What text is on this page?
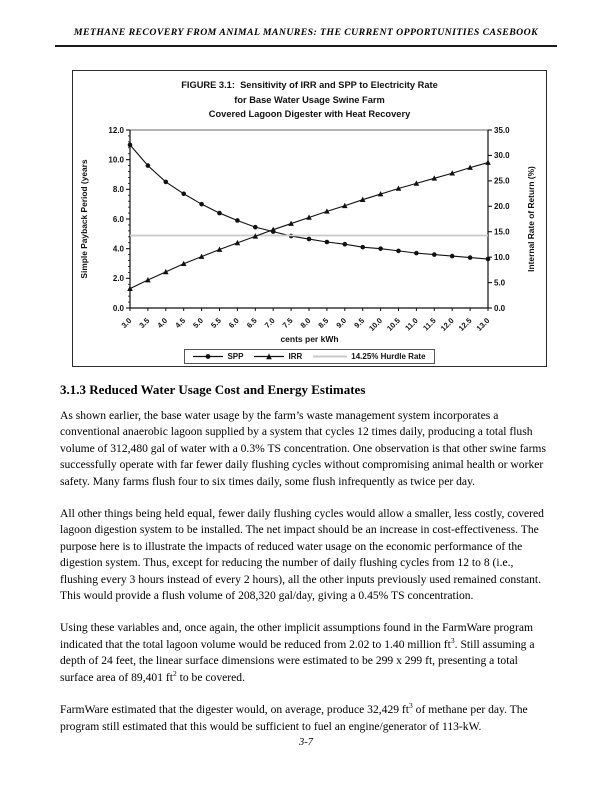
METHANE RECOVERY FROM ANIMAL MANURES: THE CURRENT OPPORTUNITIES CASEBOOK
FIGURE 3.1:  Sensitivity of IRR and SPP to Electricity Rate
for Base Water Usage Swine Farm
Covered Lagoon Digester with Heat Recovery
0.0
2.0
4.0
6.0
8.0
10.0
12.0
0.0
5.0
10.0
15.0
20.0
25.0
30.0
35.0
3.0 3.5 4.0 4.5 5.0 5.5 6.0 6.5 7.0 7.5 8.0 8.5 9.0 9.5 10.0 10.5 11.0 11.5 12.0 12.5 13.0
Simple Payback Period (years	Internal Rate of Return (%)
cents per kWh
SPP	IRR	14.25% Hurdle Rate
3.1.3 Reduced Water Usage Cost and Energy Estimates

As shown earlier, the base water usage by the farm’s waste management system incorporates a conventional anaerobic lagoon supplied by a system that cycles 12 times daily, producing a total flush volume of 312,480 gal of water with a 0.3% TS concentration. One observation is that other swine farms successfully operate with far fewer daily flushing cycles without compromising animal health or worker safety. Many farms flush four to six times daily, some flush infrequently as twice per day.

All other things being held equal, fewer daily flushing cycles would allow a smaller, less costly, covered lagoon digestion system to be installed. The net impact should be an increase in cost-effectiveness. The purpose here is to illustrate the impacts of reduced water usage on the economic performance of the digestion system. Thus, except for reducing the number of daily flushing cycles from 12 to 8 (i.e., flushing every 3 hours instead of every 2 hours), all the other inputs previously used remained constant. This would provide a flush volume of 208,320 gal/day, giving a 0.45% TS concentration.

Using these variables and, once again, the other implicit assumptions found in the FarmWare program indicated that the total lagoon volume would be reduced from 2.02 to 1.40 million $ft^3$. Still assuming a depth of 24 feet, the linear surface dimensions were estimated to be 299 x 299 ft, presenting a total surface area of 89,401 $ft^2$ to be covered.

FarmWare estimated that the digester would, on average, produce 32,429 $ft^3$ of methane per day. The program still estimated that this would be sufficient to fuel an engine/generator of 113-kW.

3-7
